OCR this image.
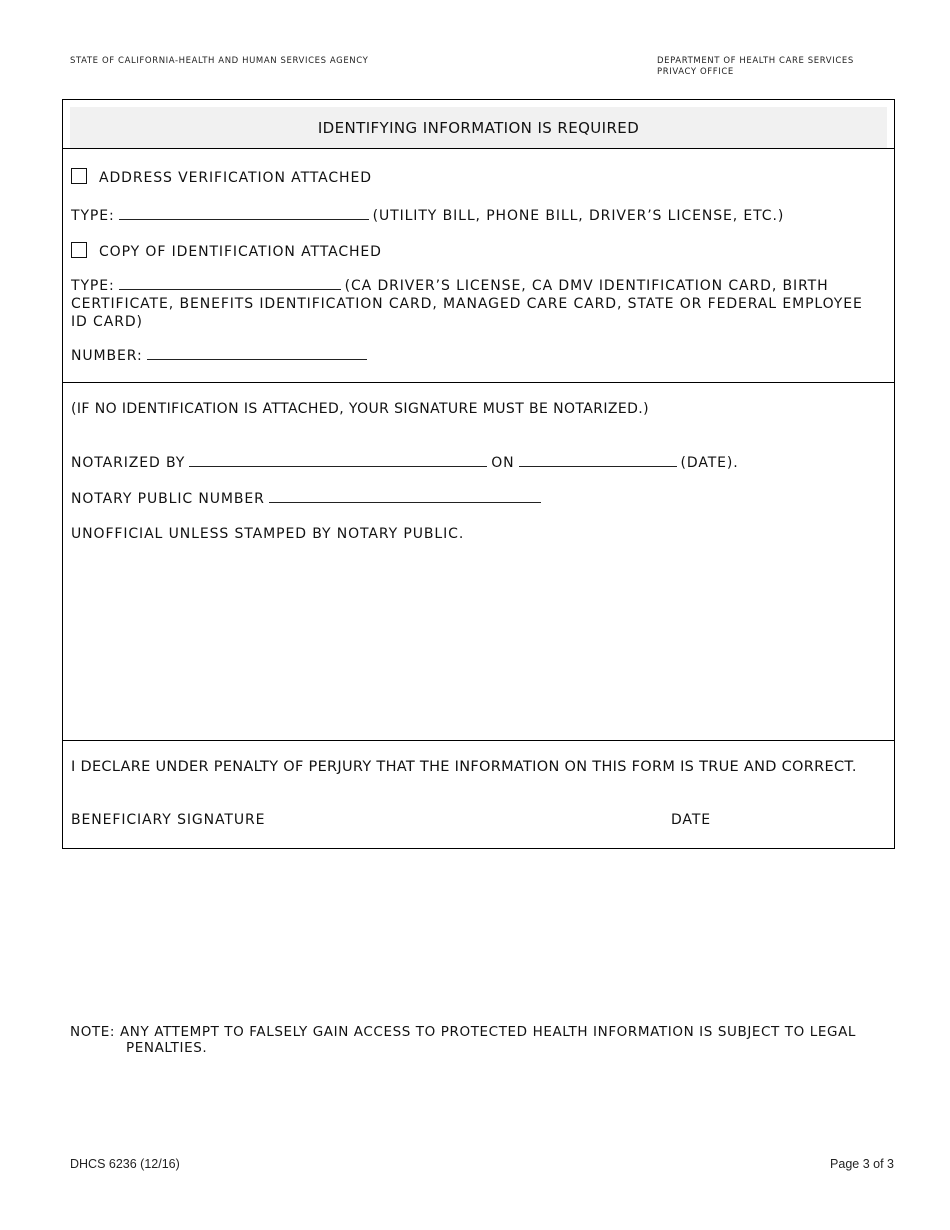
STATE OF CALIFORNIA-HEALTH AND HUMAN SERVICES AGENCY	DEPARTMENT OF HEALTH CARE SERVICES
PRIVACY OFFICE
IDENTIFYING INFORMATION IS REQUIRED
ADDRESS VERIFICATION ATTACHED
TYPE:	(UTILITY BILL, PHONE BILL, DRIVER’S LICENSE, ETC.)
COPY OF IDENTIFICATION ATTACHED
TYPE:	(CA DRIVER’S LICENSE, CA DMV IDENTIFICATION CARD, BIRTH CERTIFICATE, BENEFITS IDENTIFICATION CARD, MANAGED CARE CARD, STATE OR FEDERAL EMPLOYEE ID CARD)
NUMBER:
(IF NO IDENTIFICATION IS ATTACHED, YOUR SIGNATURE MUST BE NOTARIZED.)
NOTARIZED BY	ON	(DATE).
NOTARY PUBLIC NUMBER
UNOFFICIAL UNLESS STAMPED BY NOTARY PUBLIC.
I DECLARE UNDER PENALTY OF PERJURY THAT THE INFORMATION ON THIS FORM IS TRUE AND CORRECT.
BENEFICIARY SIGNATURE	DATE
NOTE: ANY ATTEMPT TO FALSELY GAIN ACCESS TO PROTECTED HEALTH INFORMATION IS SUBJECT TO LEGAL
PENALTIES.
DHCS 6236 (12/16)	Page 3 of 3
